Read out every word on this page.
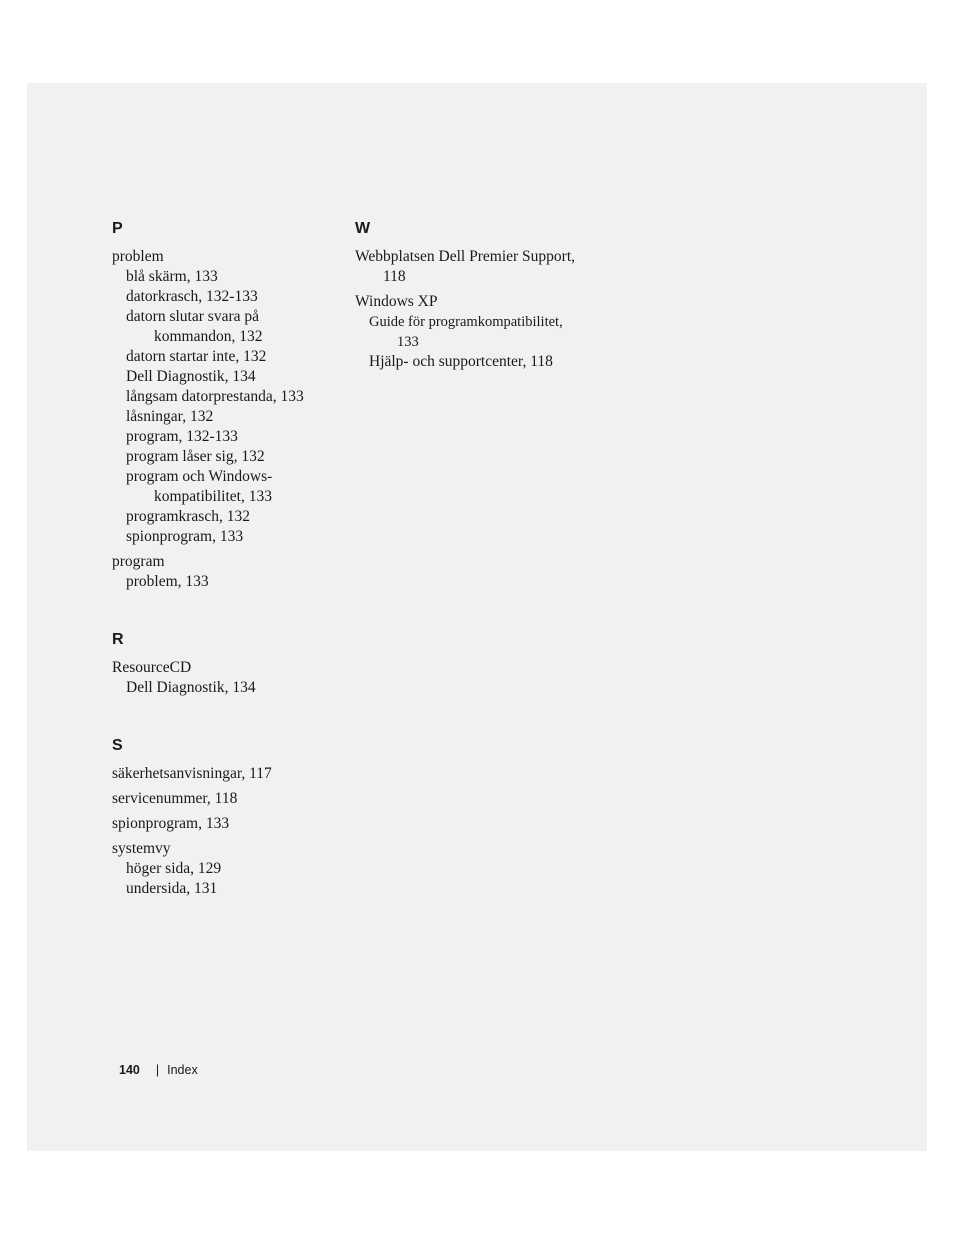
P
problem
blå skärm, 133
datorkrasch, 132-133
datorn slutar svara på kommandon, 132
datorn startar inte, 132
Dell Diagnostik, 134
långsam datorprestanda, 133
låsningar, 132
program, 132-133
program låser sig, 132
program och Windows-kompatibilitet, 133
programkrasch, 132
spionprogram, 133
program
problem, 133
R
ResourceCD
Dell Diagnostik, 134
S
säkerhetsanvisningar, 117
servicenummer, 118
spionprogram, 133
systemvy
höger sida, 129
undersida, 131
W
Webbplatsen Dell Premier Support, 118
Windows XP
Guide för programkompatibilitet, 133
Hjälp- och supportcenter, 118
140 | Index
